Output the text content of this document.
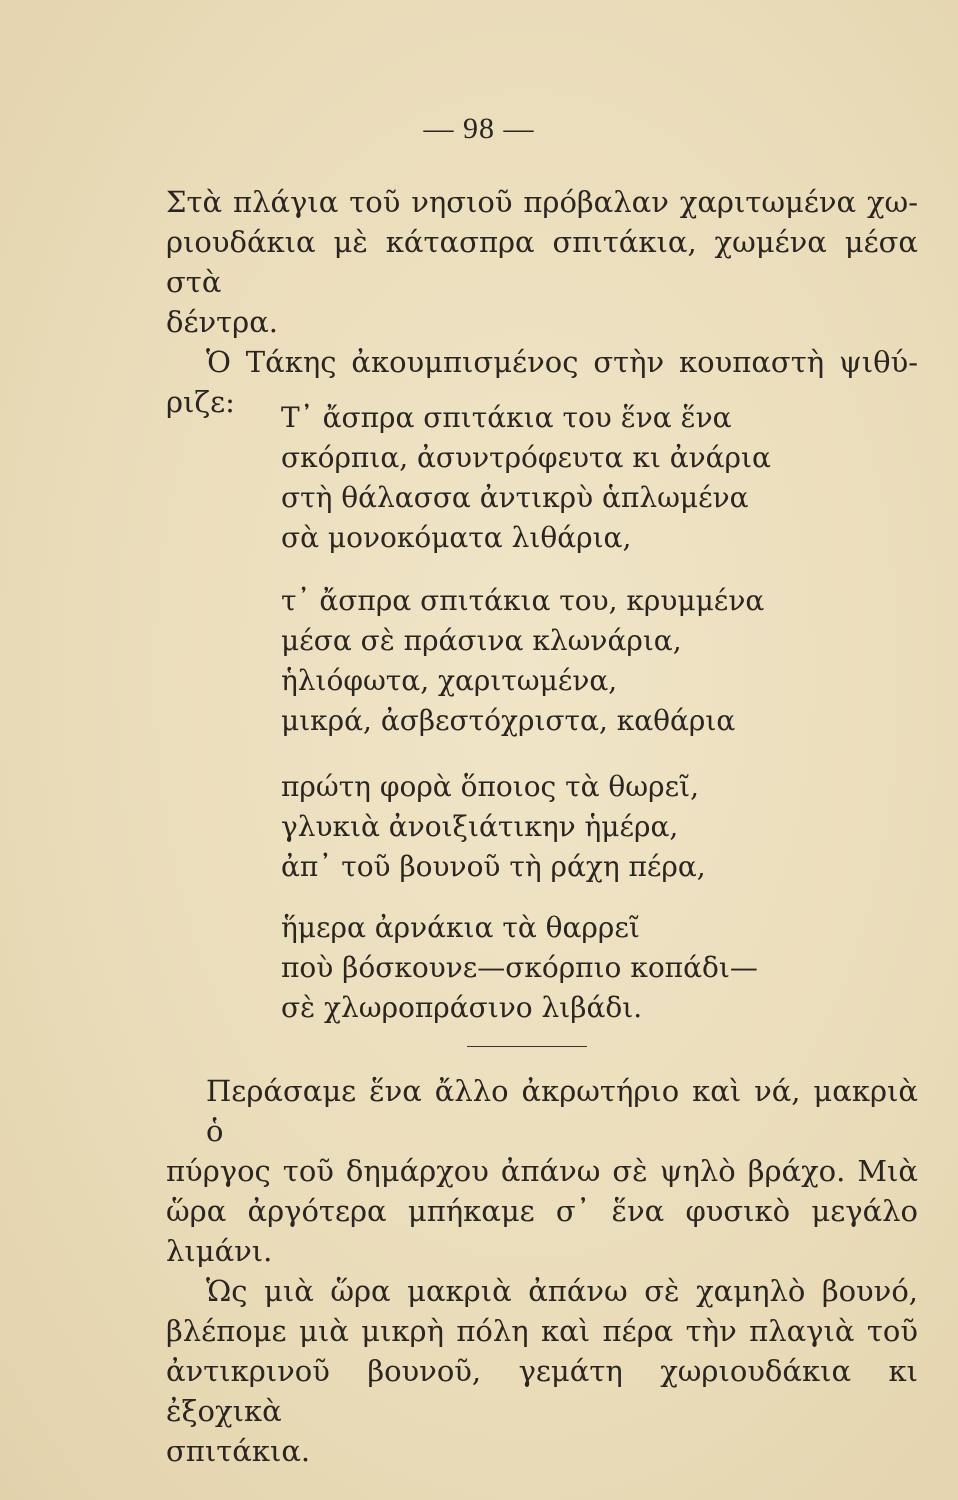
— 98 —

Στὰ πλάγια τοῦ νησιοῦ πρόβαλαν χαριτωμένα χω-
ριουδάκια μὲ κάτασπρα σπιτάκια, χωμένα μέσα στὰ
δέντρα.
Ὁ Τάκης ἀκουμπισμένος στὴν κουπαστὴ ψιθύ-
ριζε:	Τ᾽ ἄσπρα σπιτάκια του ἕνα ἕνα
σκόρπια, ἀσυντρόφευτα κι ἀνάρια
στὴ θάλασσα ἀντικρὺ ἁπλωμένα
σὰ μονοκόματα λιθάρια,
τ᾽ ἄσπρα σπιτάκια του, κρυμμένα
μέσα σὲ πράσινα κλωνάρια,
ἡλιόφωτα, χαριτωμένα,
μικρά, ἀσβεστόχριστα, καθάρια
πρώτη φορὰ ὅποιος τὰ θωρεῖ,
γλυκιὰ ἀνοιξιάτικην ἡμέρα,
ἀπ᾽ τοῦ βουνοῦ τὴ ράχη πέρα,
ἥμερα ἀρνάκια τὰ θαρρεῖ
ποὺ βόσκουνε—σκόρπιο κοπάδι—
σὲ χλωροπράσινο λιβάδι.

Περάσαμε ἕνα ἄλλο ἀκρωτήριο καὶ νά, μακριὰ ὁ
πύργος τοῦ δημάρχου ἀπάνω σὲ ψηλὸ βράχο. Μιὰ
ὥρα ἀργότερα μπήκαμε σ᾽ ἕνα φυσικὸ μεγάλο λιμάνι.
Ὡς μιὰ ὥρα μακριὰ ἀπάνω σὲ χαμηλὸ βουνό,
βλέπομε μιὰ μικρὴ πόλη καὶ πέρα τὴν πλαγιὰ τοῦ
ἀντικρινοῦ βουνοῦ, γεμάτη χωριουδάκια κι ἐξοχικὰ
σπιτάκια.
